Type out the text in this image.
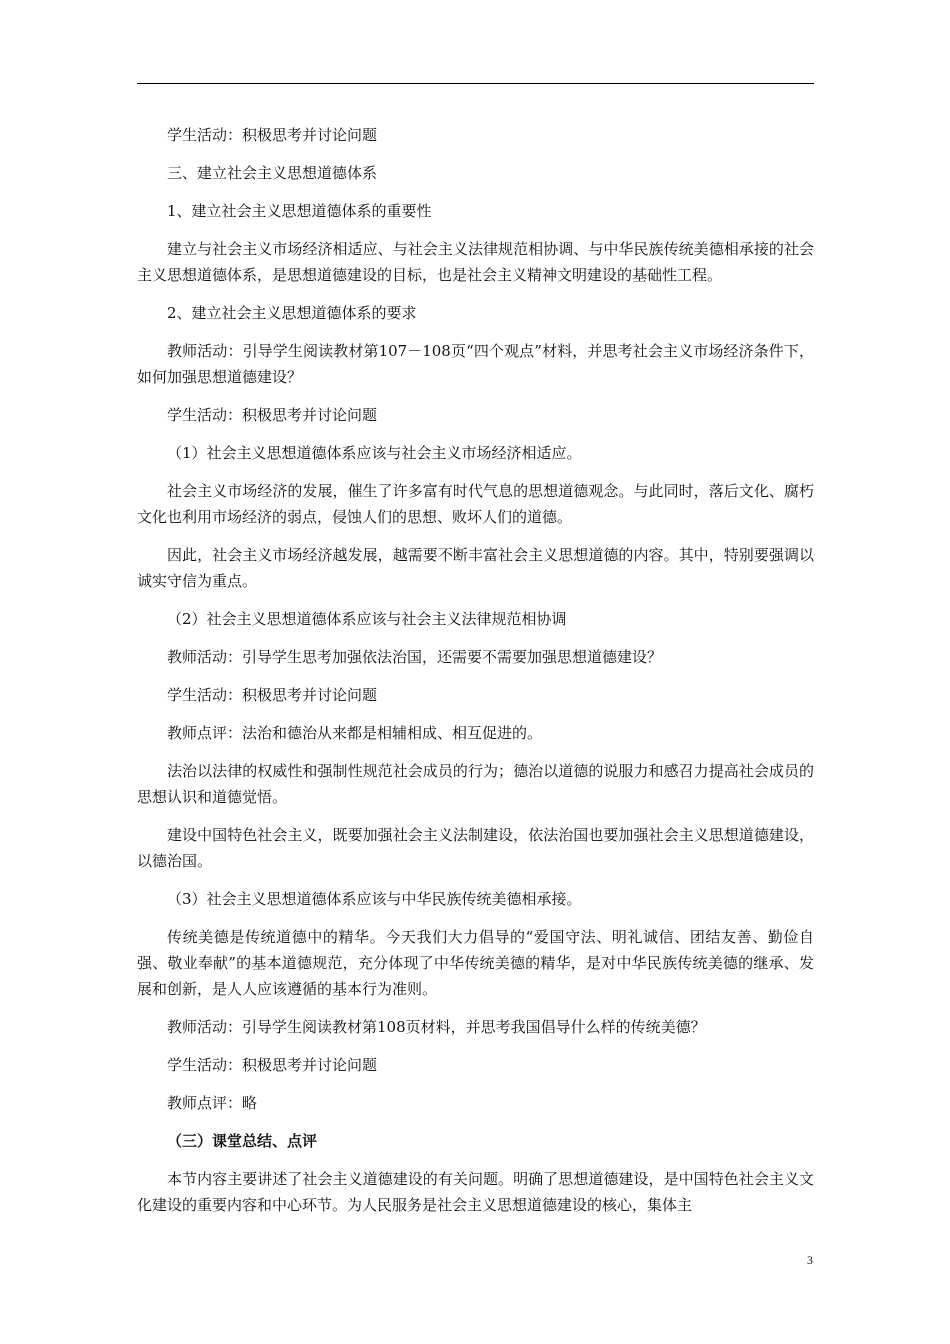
学生活动：积极思考并讨论问题

三、建立社会主义思想道德体系

1、建立社会主义思想道德体系的重要性

建立与社会主义市场经济相适应、与社会主义法律规范相协调、与中华民族传统美德相承接的社会主义思想道德体系，是思想道德建设的目标，也是社会主义精神文明建设的基础性工程。

2、建立社会主义思想道德体系的要求

教师活动：引导学生阅读教材第107－108页“四个观点”材料，并思考社会主义市场经济条件下，如何加强思想道德建设？

学生活动：积极思考并讨论问题

（1）社会主义思想道德体系应该与社会主义市场经济相适应。

社会主义市场经济的发展，催生了许多富有时代气息的思想道德观念。与此同时，落后文化、腐朽文化也利用市场经济的弱点，侵蚀人们的思想、败坏人们的道德。

因此，社会主义市场经济越发展，越需要不断丰富社会主义思想道德的内容。其中，特别要强调以诚实守信为重点。

（2）社会主义思想道德体系应该与社会主义法律规范相协调

教师活动：引导学生思考加强依法治国，还需要不需要加强思想道德建设？

学生活动：积极思考并讨论问题

教师点评：法治和德治从来都是相辅相成、相互促进的。

法治以法律的权威性和强制性规范社会成员的行为；德治以道德的说服力和感召力提高社会成员的思想认识和道德觉悟。

建设中国特色社会主义，既要加强社会主义法制建设，依法治国也要加强社会主义思想道德建设，以德治国。

（3）社会主义思想道德体系应该与中华民族传统美德相承接。

传统美德是传统道德中的精华。今天我们大力倡导的“爱国守法、明礼诚信、团结友善、勤俭自强、敬业奉献”的基本道德规范，充分体现了中华传统美德的精华，是对中华民族传统美德的继承、发展和创新，是人人应该遵循的基本行为准则。

教师活动：引导学生阅读教材第108页材料，并思考我国倡导什么样的传统美德？

学生活动：积极思考并讨论问题

教师点评：略

（三）课堂总结、点评

本节内容主要讲述了社会主义道德建设的有关问题。明确了思想道德建设，是中国特色社会主义文化建设的重要内容和中心环节。为人民服务是社会主义思想道德建设的核心，集体主

3
